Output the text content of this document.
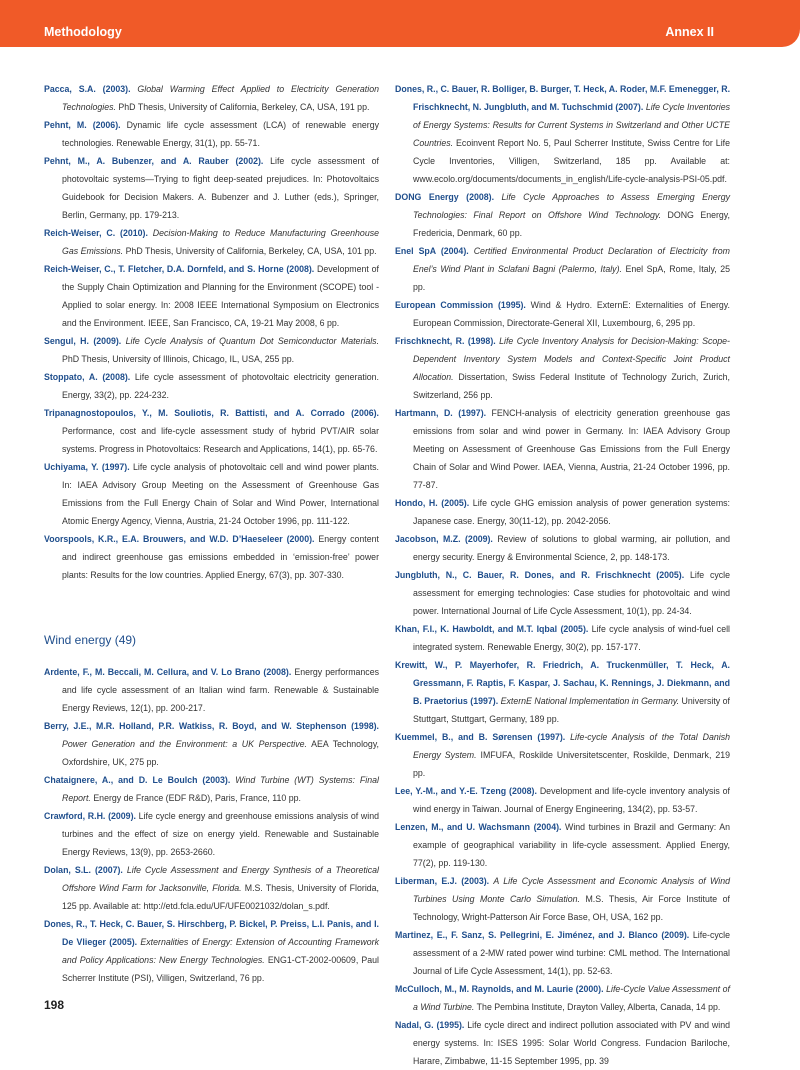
Methodology	Annex II
Pacca, S.A. (2003). Global Warming Effect Applied to Electricity Generation Technologies. PhD Thesis, University of California, Berkeley, CA, USA, 191 pp.
Pehnt, M. (2006). Dynamic life cycle assessment (LCA) of renewable energy technologies. Renewable Energy, 31(1), pp. 55-71.
Pehnt, M., A. Bubenzer, and A. Rauber (2002). Life cycle assessment of photovoltaic systems—Trying to fight deep-seated prejudices. In: Photovoltaics Guidebook for Decision Makers. A. Bubenzer and J. Luther (eds.), Springer, Berlin, Germany, pp. 179-213.
Reich-Weiser, C. (2010). Decision-Making to Reduce Manufacturing Greenhouse Gas Emissions. PhD Thesis, University of California, Berkeley, CA, USA, 101 pp.
Reich-Weiser, C., T. Fletcher, D.A. Dornfeld, and S. Horne (2008). Development of the Supply Chain Optimization and Planning for the Environment (SCOPE) tool - Applied to solar energy. In: 2008 IEEE International Symposium on Electronics and the Environment. IEEE, San Francisco, CA, 19-21 May 2008, 6 pp.
Sengul, H. (2009). Life Cycle Analysis of Quantum Dot Semiconductor Materials. PhD Thesis, University of Illinois, Chicago, IL, USA, 255 pp.
Stoppato, A. (2008). Life cycle assessment of photovoltaic electricity generation. Energy, 33(2), pp. 224-232.
Tripanagnostopoulos, Y., M. Souliotis, R. Battisti, and A. Corrado (2006). Performance, cost and life-cycle assessment study of hybrid PVT/AIR solar systems. Progress in Photovoltaics: Research and Applications, 14(1), pp. 65-76.
Uchiyama, Y. (1997). Life cycle analysis of photovoltaic cell and wind power plants. In: IAEA Advisory Group Meeting on the Assessment of Greenhouse Gas Emissions from the Full Energy Chain of Solar and Wind Power, International Atomic Energy Agency, Vienna, Austria, 21-24 October 1996, pp. 111-122.
Voorspools, K.R., E.A. Brouwers, and W.D. D’Haeseleer (2000). Energy content and indirect greenhouse gas emissions embedded in ‘emission-free’ power plants: Results for the low countries. Applied Energy, 67(3), pp. 307-330.
Wind energy (49)
Ardente, F., M. Beccali, M. Cellura, and V. Lo Brano (2008). Energy performances and life cycle assessment of an Italian wind farm. Renewable & Sustainable Energy Reviews, 12(1), pp. 200-217.
Berry, J.E., M.R. Holland, P.R. Watkiss, R. Boyd, and W. Stephenson (1998). Power Generation and the Environment: a UK Perspective. AEA Technology, Oxfordshire, UK, 275 pp.
Chataignere, A., and D. Le Boulch (2003). Wind Turbine (WT) Systems: Final Report. Energy de France (EDF R&D), Paris, France, 110 pp.
Crawford, R.H. (2009). Life cycle energy and greenhouse emissions analysis of wind turbines and the effect of size on energy yield. Renewable and Sustainable Energy Reviews, 13(9), pp. 2653-2660.
Dolan, S.L. (2007). Life Cycle Assessment and Energy Synthesis of a Theoretical Offshore Wind Farm for Jacksonville, Florida. M.S. Thesis, University of Florida, 125 pp. Available at: http://etd.fcla.edu/UF/UFE0021032/dolan_s.pdf.
Dones, R., T. Heck, C. Bauer, S. Hirschberg, P. Bickel, P. Preiss, L.I. Panis, and I. De Vlieger (2005). Externalities of Energy: Extension of Accounting Framework and Policy Applications: New Energy Technologies. ENG1-CT-2002-00609, Paul Scherrer Institute (PSI), Villigen, Switzerland, 76 pp.
Dones, R., C. Bauer, R. Bolliger, B. Burger, T. Heck, A. Roder, M.F. Emenegger, R. Frischknecht, N. Jungbluth, and M. Tuchschmid (2007). Life Cycle Inventories of Energy Systems: Results for Current Systems in Switzerland and Other UCTE Countries. Ecoinvent Report No. 5, Paul Scherrer Institute, Swiss Centre for Life Cycle Inventories, Villigen, Switzerland, 185 pp. Available at: www.ecolo.org/documents/documents_in_english/Life-cycle-analysis-PSI-05.pdf.
DONG Energy (2008). Life Cycle Approaches to Assess Emerging Energy Technologies: Final Report on Offshore Wind Technology. DONG Energy, Fredericia, Denmark, 60 pp.
Enel SpA (2004). Certified Environmental Product Declaration of Electricity from Enel’s Wind Plant in Sclafani Bagni (Palermo, Italy). Enel SpA, Rome, Italy, 25 pp.
European Commission (1995). Wind & Hydro. ExternE: Externalities of Energy. European Commission, Directorate-General XII, Luxembourg, 6, 295 pp.
Frischknecht, R. (1998). Life Cycle Inventory Analysis for Decision-Making: Scope-Dependent Inventory System Models and Context-Specific Joint Product Allocation. Dissertation, Swiss Federal Institute of Technology Zurich, Zurich, Switzerland, 256 pp.
Hartmann, D. (1997). FENCH-analysis of electricity generation greenhouse gas emissions from solar and wind power in Germany. In: IAEA Advisory Group Meeting on Assessment of Greenhouse Gas Emissions from the Full Energy Chain of Solar and Wind Power. IAEA, Vienna, Austria, 21-24 October 1996, pp. 77-87.
Hondo, H. (2005). Life cycle GHG emission analysis of power generation systems: Japanese case. Energy, 30(11-12), pp. 2042-2056.
Jacobson, M.Z. (2009). Review of solutions to global warming, air pollution, and energy security. Energy & Environmental Science, 2, pp. 148-173.
Jungbluth, N., C. Bauer, R. Dones, and R. Frischknecht (2005). Life cycle assessment for emerging technologies: Case studies for photovoltaic and wind power. International Journal of Life Cycle Assessment, 10(1), pp. 24-34.
Khan, F.I., K. Hawboldt, and M.T. Iqbal (2005). Life cycle analysis of wind-fuel cell integrated system. Renewable Energy, 30(2), pp. 157-177.
Krewitt, W., P. Mayerhofer, R. Friedrich, A. Truckenmüller, T. Heck, A. Gressmann, F. Raptis, F. Kaspar, J. Sachau, K. Rennings, J. Diekmann, and B. Praetorius (1997). ExternE National Implementation in Germany. University of Stuttgart, Stuttgart, Germany, 189 pp.
Kuemmel, B., and B. Sørensen (1997). Life-cycle Analysis of the Total Danish Energy System. IMFUFA, Roskilde Universitetscenter, Roskilde, Denmark, 219 pp.
Lee, Y.-M., and Y.-E. Tzeng (2008). Development and life-cycle inventory analysis of wind energy in Taiwan. Journal of Energy Engineering, 134(2), pp. 53-57.
Lenzen, M., and U. Wachsmann (2004). Wind turbines in Brazil and Germany: An example of geographical variability in life-cycle assessment. Applied Energy, 77(2), pp. 119-130.
Liberman, E.J. (2003). A Life Cycle Assessment and Economic Analysis of Wind Turbines Using Monte Carlo Simulation. M.S. Thesis, Air Force Institute of Technology, Wright-Patterson Air Force Base, OH, USA, 162 pp.
Martinez, E., F. Sanz, S. Pellegrini, E. Jiménez, and J. Blanco (2009). Life-cycle assessment of a 2-MW rated power wind turbine: CML method. The International Journal of Life Cycle Assessment, 14(1), pp. 52-63.
McCulloch, M., M. Raynolds, and M. Laurie (2000). Life-Cycle Value Assessment of a Wind Turbine. The Pembina Institute, Drayton Valley, Alberta, Canada, 14 pp.
Nadal, G. (1995). Life cycle direct and indirect pollution associated with PV and wind energy systems. In: ISES 1995: Solar World Congress. Fundacion Bariloche, Harare, Zimbabwe, 11-15 September 1995, pp. 39
198
